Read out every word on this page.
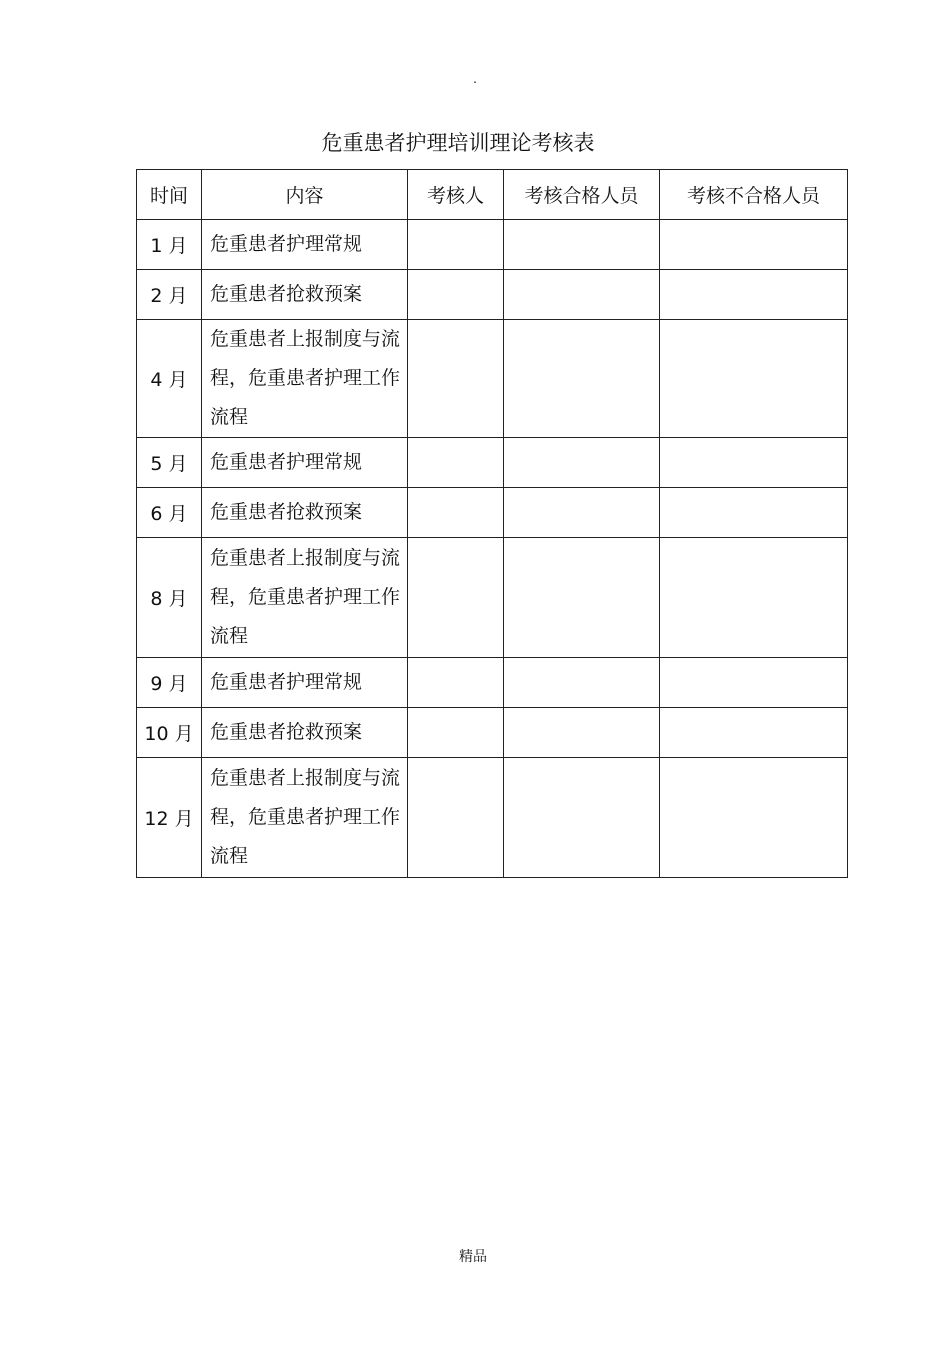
.
危重患者护理培训理论考核表
时间	内容	考核人	考核合格人员	考核不合格人员
1 月	危重患者护理常规			
2 月	危重患者抢救预案			
4 月	危重患者上报制度与流程，危重患者护理工作流程			
5 月	危重患者护理常规			
6 月	危重患者抢救预案			
8 月	危重患者上报制度与流程，危重患者护理工作流程			
9 月	危重患者护理常规			
10 月	危重患者抢救预案			
12 月	危重患者上报制度与流程，危重患者护理工作流程			
精品
